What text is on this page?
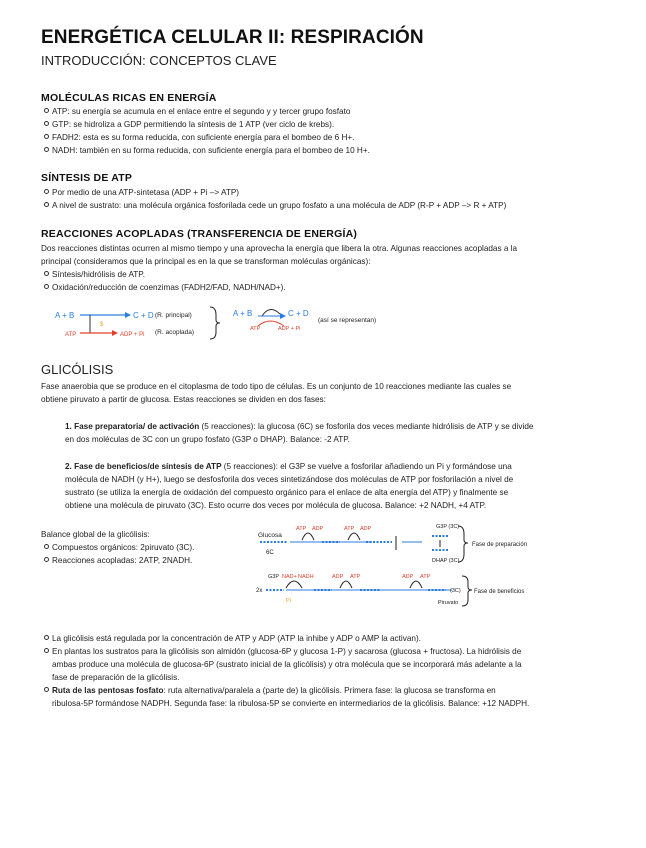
ENERGÉTICA CELULAR II: RESPIRACIÓN
INTRODUCCIÓN: CONCEPTOS CLAVE
MOLÉCULAS RICAS EN ENERGÍA
ATP: su energía se acumula en el enlace entre el segundo y y tercer grupo fosfato
GTP: se hidroliza a GDP permitiendo la síntesis de 1 ATP (ver ciclo de krebs).
FADH2: esta es su forma reducida, con suficiente energía para el bombeo de 6 H+.
NADH: también en su forma reducida, con suficiente energía para el bombeo de 10 H+.
SÍNTESIS DE ATP
Por medio de una ATP-sintetasa (ADP + Pi –> ATP)
A nivel de sustrato: una molécula orgánica fosforilada cede un grupo fosfato a una molécula de ADP (R-P + ADP –> R + ATP)
REACCIONES ACOPLADAS (TRANSFERENCIA DE ENERGÍA)
Dos reacciones distintas ocurren al mismo tiempo y una aprovecha la energía que libera la otra. Algunas reacciones acopladas a la
principal (consideramos que la principal es en la que se transforman moléculas orgánicas):
Síntesis/hidrólisis de ATP.
Oxidación/reducción de coenzimas (FADH2/FAD, NADH/NAD+).
A + B	C + D
ATP	ADP + Pi
$
(R. principal)
(R. acoplada)
A + B	C + D
ATP	ADP + Pi
(así se representan)
GLICÓLISIS
Fase anaerobia que se produce en el citoplasma de todo tipo de células. Es un conjunto de 10 reacciones mediante las cuales se
obtiene piruvato a partir de glucosa. Estas reacciones se dividen en dos fases:
1. Fase preparatoria/ de activación (5 reacciones): la glucosa (6C) se fosforila dos veces mediante hidrólisis de ATP y se divide
en dos moléculas de 3C con un grupo fosfato (G3P o DHAP). Balance: -2 ATP.
2. Fase de beneficios/de síntesis de ATP (5 reacciones): el G3P se vuelve a fosforilar añadiendo un Pi y formándose una
molécula de NADH (y H+), luego se desfosforila dos veces sintetizándose dos moléculas de ATP por fosforilación a nivel de
sustrato (se utiliza la energía de oxidación del compuesto orgánico para el enlace de alta energía del ATP) y finalmente se
obtiene una molécula de piruvato (3C). Esto ocurre dos veces por molécula de glucosa. Balance: +2 NADH, +4 ATP.
Balance global de la glicólisis:
Compuestos orgánicos: 2piruvato (3C).
Reacciones acopladas: 2ATP, 2NADH.
Glucosa
6C
ATP ADP	ATP ADP	G3P (3C)
DHAP (3C)
Fase de preparación
2x
G3P NAD+ NADH
Pi
ADP ATP	ADP ATP
(3C)
Piruvato
Fase de beneficios
La glicólisis está regulada por la concentración de ATP y ADP (ATP la inhibe y ADP o AMP la activan).
En plantas los sustratos para la glicólisis son almidón (glucosa-6P y glucosa 1-P) y sacarosa (glucosa + fructosa). La hidrólisis de
ambas produce una molécula de glucosa-6P (sustrato inicial de la glicólisis) y otra molécula que se incorporará más adelante a la
fase de preparación de la glicólisis.
Ruta de las pentosas fosfato: ruta alternativa/paralela a (parte de) la glicólisis. Primera fase: la glucosa se transforma en
ribulosa-5P formándose NADPH. Segunda fase: la ribulosa-5P se convierte en intermediarios de la glicólisis. Balance: +12 NADPH.
